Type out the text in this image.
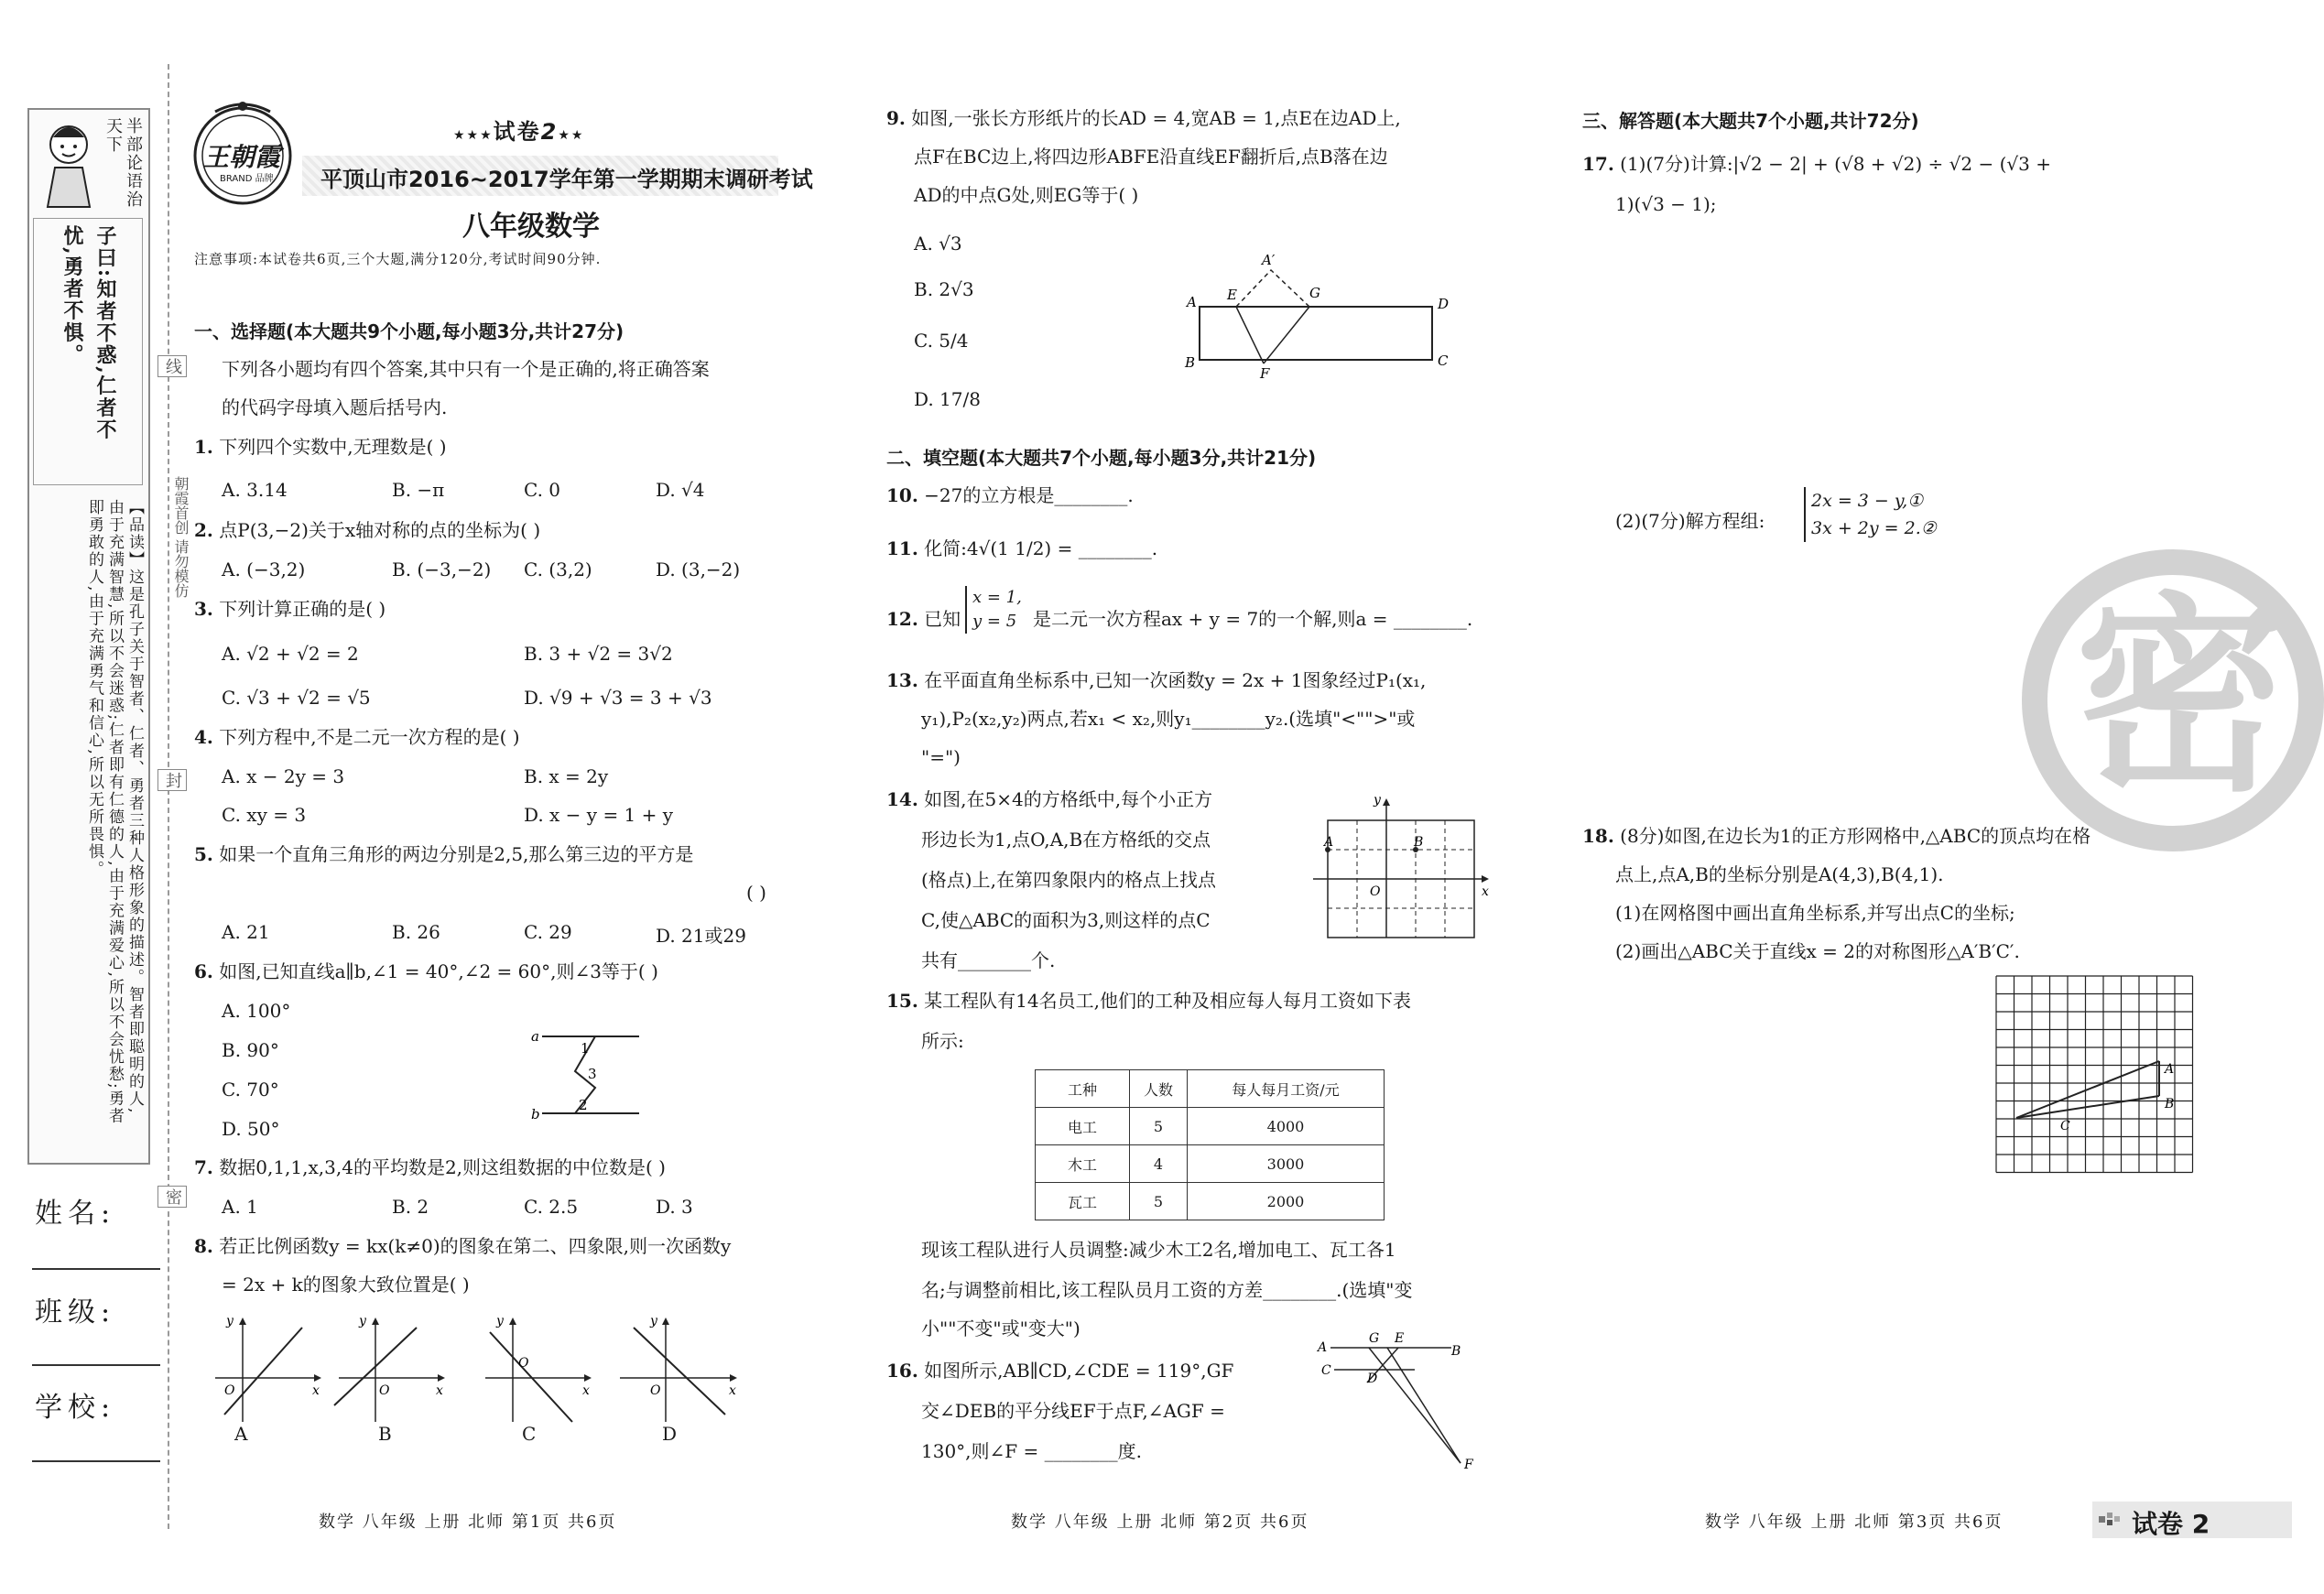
半部论语治天下
子曰:知者不惑,仁者不
忧,勇者不惧。
【品读】这是孔子关于智者、仁者、勇者三种人格形象的描述。智者即聪明的人,由于充满智慧,所以不会迷惑;仁者即有仁德的人,由于充满爱心,所以不会忧愁;勇者即勇敢的人,由于充满勇气和信心,所以无所畏惧。
姓名:
班级:
学校:
线
封
密
朝霞首创 请勿模仿
王朝霞
BRAND 品牌
★★★试卷2★★
平顶山市2016~2017学年第一学期期末调研考试
八年级数学
注意事项:本试卷共6页,三个大题,满分120分,考试时间90分钟.
一、选择题(本大题共9个小题,每小题3分,共计27分)
下列各小题均有四个答案,其中只有一个是正确的,将正确答案
的代码字母填入题后括号内.
1. 下列四个实数中,无理数是( )
A. 3.14	B. −π	C. 0	D. √4
2. 点P(3,−2)关于x轴对称的点的坐标为( )
A. (−3,2)	B. (−3,−2) C. (3,2)	D. (3,−2)
3. 下列计算正确的是( )
A. √2 + √2 = 2	B. 3 + √2 = 3√2
C. √3 + √2 = √5	D. √9 + √3 = 3 + √3
4. 下列方程中,不是二元一次方程的是( )
A. x − 2y = 3	B. x = 2y
C. xy = 3	D. x − y = 1 + y
5. 如果一个直角三角形的两边分别是2,5,那么第三边的平方是
( )
A. 21	B. 26	C. 29	D. 21或29
6. 如图,已知直线a∥b,∠1 = 40°,∠2 = 60°,则∠3等于( )
A. 100°
B. 90°
C. 70°
D. 50°
a
1
3
2
b
7. 数据0,1,1,x,3,4的平均数是2,则这组数据的中位数是( )
A. 1	B. 2	C. 2.5	D. 3
8. 若正比例函数y = kx(k≠0)的图象在第二、四象限,则一次函数y
= 2x + k的图象大致位置是( )
y
x
O
A
y
x
O
B
y
x
O
C
y
x
O
D
9. 如图,一张长方形纸片的长AD = 4,宽AB = 1,点E在边AD上,
点F在BC边上,将四边形ABFE沿直线EF翻折后,点B落在边
AD的中点G处,则EG等于( )
A. √3
B. 2√3
C. 5/4
D. 17/8
A E
A′
G
D
B
F
C
二、填空题(本大题共7个小题,每小题3分,共计21分)
10. −27的立方根是________.
11. 化简:4√(1 1/2) = ________.
12. 已知
x = 1,
y = 5 是二元一次方程ax + y = 7的一个解,则a = ________.
13. 在平面直角坐标系中,已知一次函数y = 2x + 1图象经过P₁(x₁,
y₁),P₂(x₂,y₂)两点,若x₁ < x₂,则y₁________y₂.(选填"<"">"或
"=")
14. 如图,在5×4的方格纸中,每个小正方
形边长为1,点O,A,B在方格纸的交点
(格点)上,在第四象限内的格点上找点
C,使△ABC的面积为3,则这样的点C
共有________个.
y
A	B
O	x
15. 某工程队有14名员工,他们的工种及相应每人每月工资如下表
所示:
工种	人数	每人每月工资/元
电工	5	4000
木工	4	3000
瓦工	5	2000
现该工程队进行人员调整:减少木工2名,增加电工、瓦工各1
名;与调整前相比,该工程队员月工资的方差________.(选填"变
小""不变"或"变大")
16. 如图所示,AB∥CD,∠CDE = 119°,GF
交∠DEB的平分线EF于点F,∠AGF =
130°,则∠F = ________度.
A
G E
B
C
D
F
三、解答题(本大题共7个小题,共计72分)
17. (1)(7分)计算:|√2 − 2| + (√8 + √2) ÷ √2 − (√3 +
1)(√3 − 1);
(2)(7分)解方程组:
2x = 3 − y,①
3x + 2y = 2.②
密
18. (8分)如图,在边长为1的正方形网格中,△ABC的顶点均在格
点上,点A,B的坐标分别是A(4,3),B(4,1).
(1)在网格图中画出直角坐标系,并写出点C的坐标;
(2)画出△ABC关于直线x = 2的对称图形△A′B′C′.
A
B
C
数学 八年级 上册 北师 第1页 共6页	数学 八年级 上册 北师 第2页 共6页	数学 八年级 上册 北师 第3页 共6页	试卷 2
